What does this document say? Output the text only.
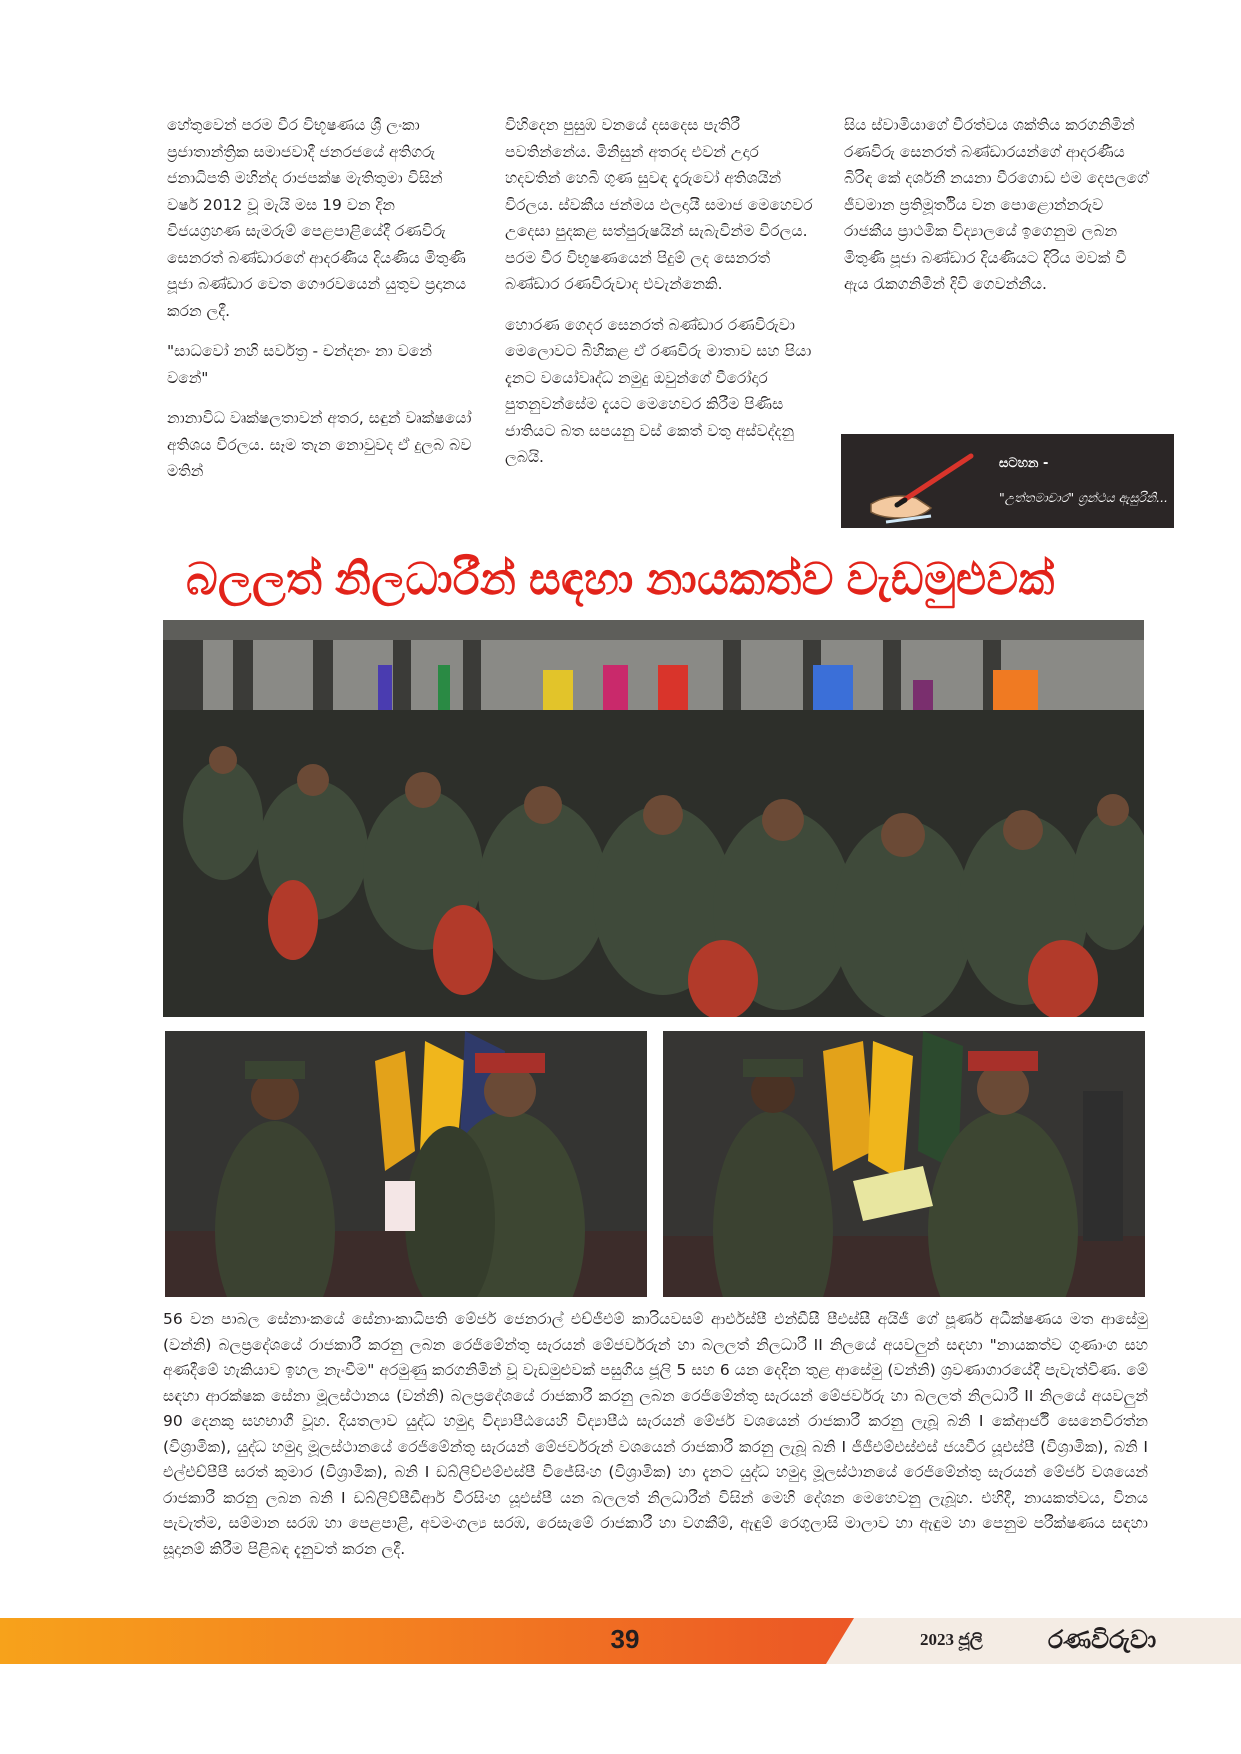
හේතුවෙන් පරම වීර විභූෂණය ශ්‍රී ලංකා ප්‍රජාතාන්ත්‍රික සමාජවාදී ජනරජයේ අතිගරු ජනාධිපති මහින්ද රාජපක්ෂ මැතිතුමා විසින් වර්ෂ 2012 වූ මැයි මස 19 වන දින විජයග්‍රහණ සැමරුම් පෙළපාළියේදී රණවිරු සෙනරත් බණ්ඩාරගේ ආදරණීය දියණිය මිතුණි පූජා බණ්ඩාර වෙත ගෞරවයෙන් යුතුව ප්‍රදානය කරන ලදී.

"සාධවෝ නහි සර්වත්‍ර - චන්දනං නා වනේ වනේ"

නානාවිධ වෘක්ෂලතාවන් අතර, සඳුන් වෘක්ෂයෝ අතිශය විරලය. සෑම තැන නොවුවද ඒ දුලබ බව මතින්

විහිදෙන පුසුඹ වනයේ දසදෙස පැතිරී පවතින්නේය. මිනිසුන් අතරද එවන් උදාර හදවතින් හෙබි ගුණ සුවඳ දැරුවෝ අතිශයින් විරලය. ස්වකීය ජන්මය ඵලදායී සමාජ මෙහෙවර උදෙසා පුදකළ සත්පුරුෂයින් සැබැවින්ම විරලය. පරම වීර විභූෂණයෙන් පිදුම් ලද සෙනරත් බණ්ඩාර රණවිරුවාද එවැන්නෙකි.

හොරණ ගෙදර සෙනරත් බණ්ඩාර රණවිරුවා මෙලොවට බිහිකළ ඒ රණවිරු මාතාව සහ පියා දැනට වයෝවෘද්ධ නමුදු ඔවුන්ගේ වීරෝදාර පුතනුවන්සේම දැයට මෙහෙවර කිරීම පිණිස ජාතියට බත සපයනු වස් කෙත් වතු අස්වද්දනු ලබයි.

සිය ස්වාමියාගේ වීරත්වය ශක්තිය කරගනිමින් රණවිරු සෙනරත් බණ්ඩාරයන්ගේ ආදරණීය බිරිඳ කේ දර්ශනී නයනා වීරගොඩ එම දෙපලගේ ජීවමාන ප්‍රතිමූර්තිය වන පොළොන්නරුව රාජකීය ප්‍රාථමික විද්‍යාලයේ ඉගෙනුම ලබන මිතුණි පූජා බණ්ඩාර දියණියට දිරිය මවක් වී ඇය රැකගනිමින් දිවි ගෙවන්නීය.

සටහන -
"උත්තමාචාර" ග්‍රන්ථය ඇසුරිනි...
බලලත් නිලධාරීන් සඳහා නායකත්ව වැඩමුළුවක්
56 වන පාබල සේනාංකයේ සේනාංකාධිපති මේජර් ජෙනරාල් එච්ජීඑම් කාරියවසම් ආර්එස්පී එන්ඩීසී පීඑස්සී අයිජී ගේ පූර්ණ අධීක්ෂණය මත ආසේමු (වන්නි) බලප්‍රදේශයේ රාජකාරී කරනු ලබන රෙජිමේන්තු සැරයන් මේජර්වරුන් හා බලලත් නිලධාරී II නිලයේ අයවලුන් සඳහා "නායකත්ව ගුණාංග සහ අණදීමේ හැකියාව ඉහල නැංවීම" අරමුණු කරගනිමින් වූ වැඩමුළුවක් පසුගිය ජූලි 5 සහ 6 යන දෙදින තුළ ආසේමු (වන්නි) ශ්‍රවණාගාරයේදී පැවැත්විණ. මේ සඳහා ආරක්ෂක සේනා මූලස්ථානය (වන්නි) බලප්‍රදේශයේ රාජකාරී කරනු ලබන රෙජිමේන්තු සැරයන් මේජර්වරු හා බලලත් නිලධාරී II නිලයේ අයවලුන් 90 දෙනකු සහභාගී වූහ. දියතලාව යුද්ධ හමුදා විද්‍යාපීඨයෙහි විද්‍යාපීඨ සැරයන් මේජර් වශයෙන් රාජකාරී කරනු ලැබූ බනි I කේආර්ජී සෙනෙවිරත්න (විශ්‍රාමික), යුද්ධ හමුදා මූලස්ථානයේ රෙජිමේන්තු සැරයන් මේජර්වරුන් වශයෙන් රාජකාරී කරනු ලැබූ බනි I ජීජීඑම්එස්එස් ජයවීර යූඑස්පී (විශ්‍රාමික), බනි I එල්එච්පීපී සරත් කුමාර (විශ්‍රාමික), බනි I ඩබ්ලිව්එම්එස්පී විජේසිංහ (විශ්‍රාමික) හා දැනට යුද්ධ හමුදා මූලස්ථානයේ රෙජිමේන්තු සැරයන් මේජර් වශයෙන් රාජකාරී කරනු ලබන බනි I ඩබ්ලිව්පීඩීආර් වීරසිංහ යූඑස්පී යන බලලත් නිලධාරීන් විසින් මෙහි දේශන මෙහෙවනු ලැබූහ. එහිදී, නායකත්වය, විනය පැවැත්ම, සම්මාන සරඹ හා පෙළපාළි, අවමංගල්‍ය සරඹ, රෙසැමේ රාජකාරී හා වගකීම්, ඇඳුම් රෙගුලාසි මාලාව හා ඇඳුම හා පෙනුම පරීක්ෂණය සඳහා සූදානම් කිරීම පිළිබඳ දැනුවත් කරන ලදී.
39	2023 ජූලි	රණවිරුවා
